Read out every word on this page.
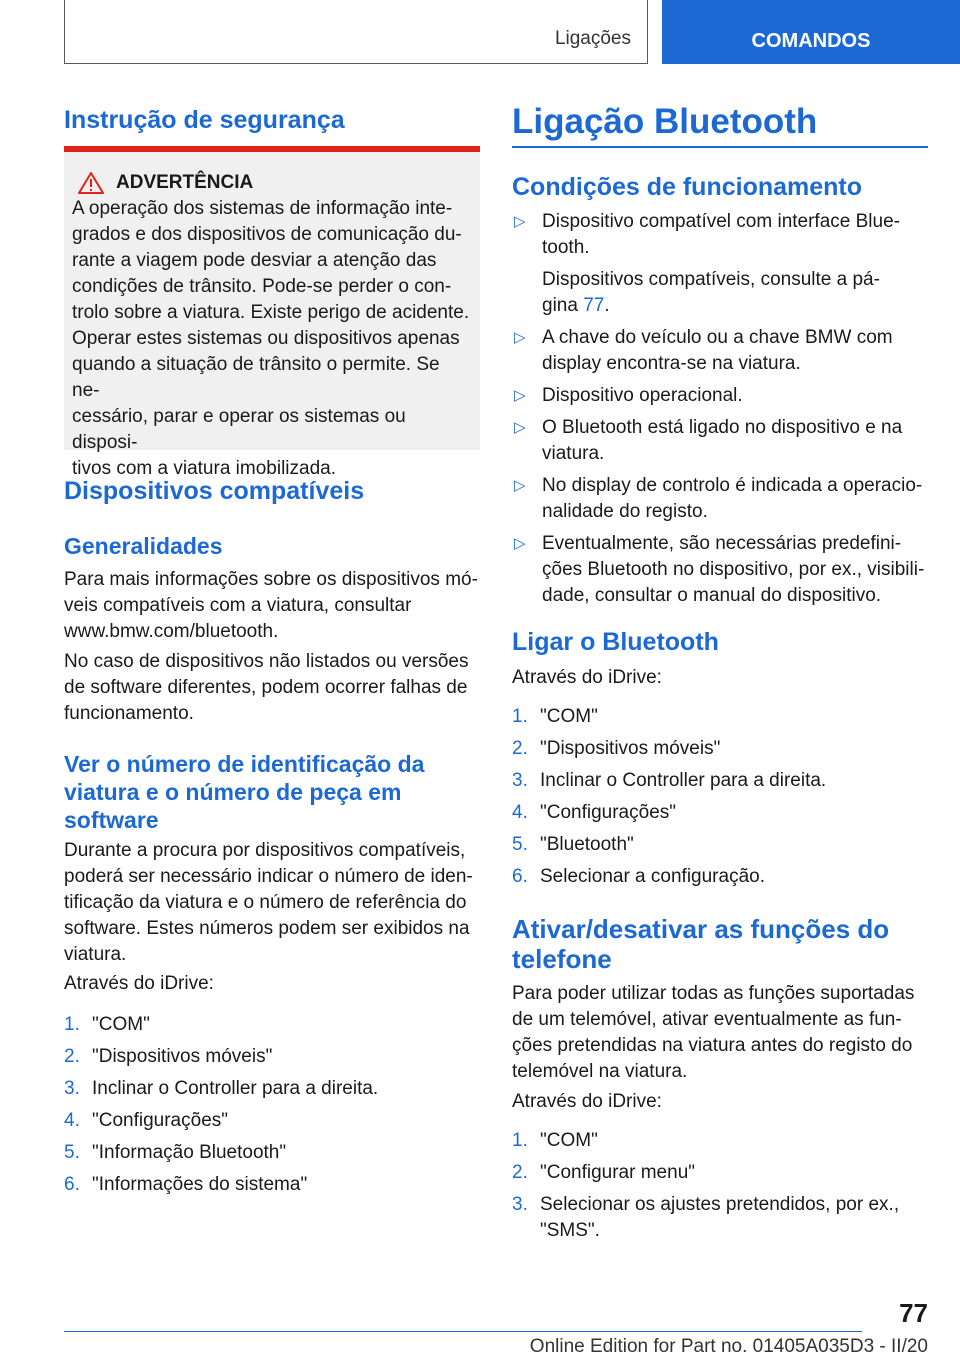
Ligações	COMANDOS
Instrução de segurança
ADVERTÊNCIA
A operação dos sistemas de informação inte-
grados e dos dispositivos de comunicação du-
rante a viagem pode desviar a atenção das
condições de trânsito. Pode-se perder o con-
trolo sobre a viatura. Existe perigo de acidente.
Operar estes sistemas ou dispositivos apenas
quando a situação de trânsito o permite. Se ne-
cessário, parar e operar os sistemas ou disposi-
tivos com a viatura imobilizada.
Dispositivos compatíveis
Generalidades
Para mais informações sobre os dispositivos mó-
veis compatíveis com a viatura, consultar
www.bmw.com/bluetooth.
No caso de dispositivos não listados ou versões
de software diferentes, podem ocorrer falhas de
funcionamento.
Ver o número de identificação da
viatura e o número de peça em
software
Durante a procura por dispositivos compatíveis,
poderá ser necessário indicar o número de iden-
tificação da viatura e o número de referência do
software. Estes números podem ser exibidos na
viatura.
Através do iDrive:
1. "COM"
2. "Dispositivos móveis"
3. Inclinar o Controller para a direita.
4. "Configurações"
5. "Informação Bluetooth"
6. "Informações do sistema"
Ligação Bluetooth
Condições de funcionamento
▷ Dispositivo compatível com interface Blue-
tooth.
Dispositivos compatíveis, consulte a pá-
gina 77.
▷ A chave do veículo ou a chave BMW com
display encontra-se na viatura.
▷ Dispositivo operacional.
▷ O Bluetooth está ligado no dispositivo e na
viatura.
▷ No display de controlo é indicada a operacio-
nalidade do registo.
▷ Eventualmente, são necessárias predefini-
ções Bluetooth no dispositivo, por ex., visibili-
dade, consultar o manual do dispositivo.
Ligar o Bluetooth
Através do iDrive:
1. "COM"
2. "Dispositivos móveis"
3. Inclinar o Controller para a direita.
4. "Configurações"
5. "Bluetooth"
6. Selecionar a configuração.
Ativar/desativar as funções do
telefone
Para poder utilizar todas as funções suportadas
de um telemóvel, ativar eventualmente as fun-
ções pretendidas na viatura antes do registo do
telemóvel na viatura.
Através do iDrive:
1. "COM"
2. "Configurar menu"
3. Selecionar os ajustes pretendidos, por ex.,
"SMS".
77
Online Edition for Part no. 01405A035D3 - II/20
